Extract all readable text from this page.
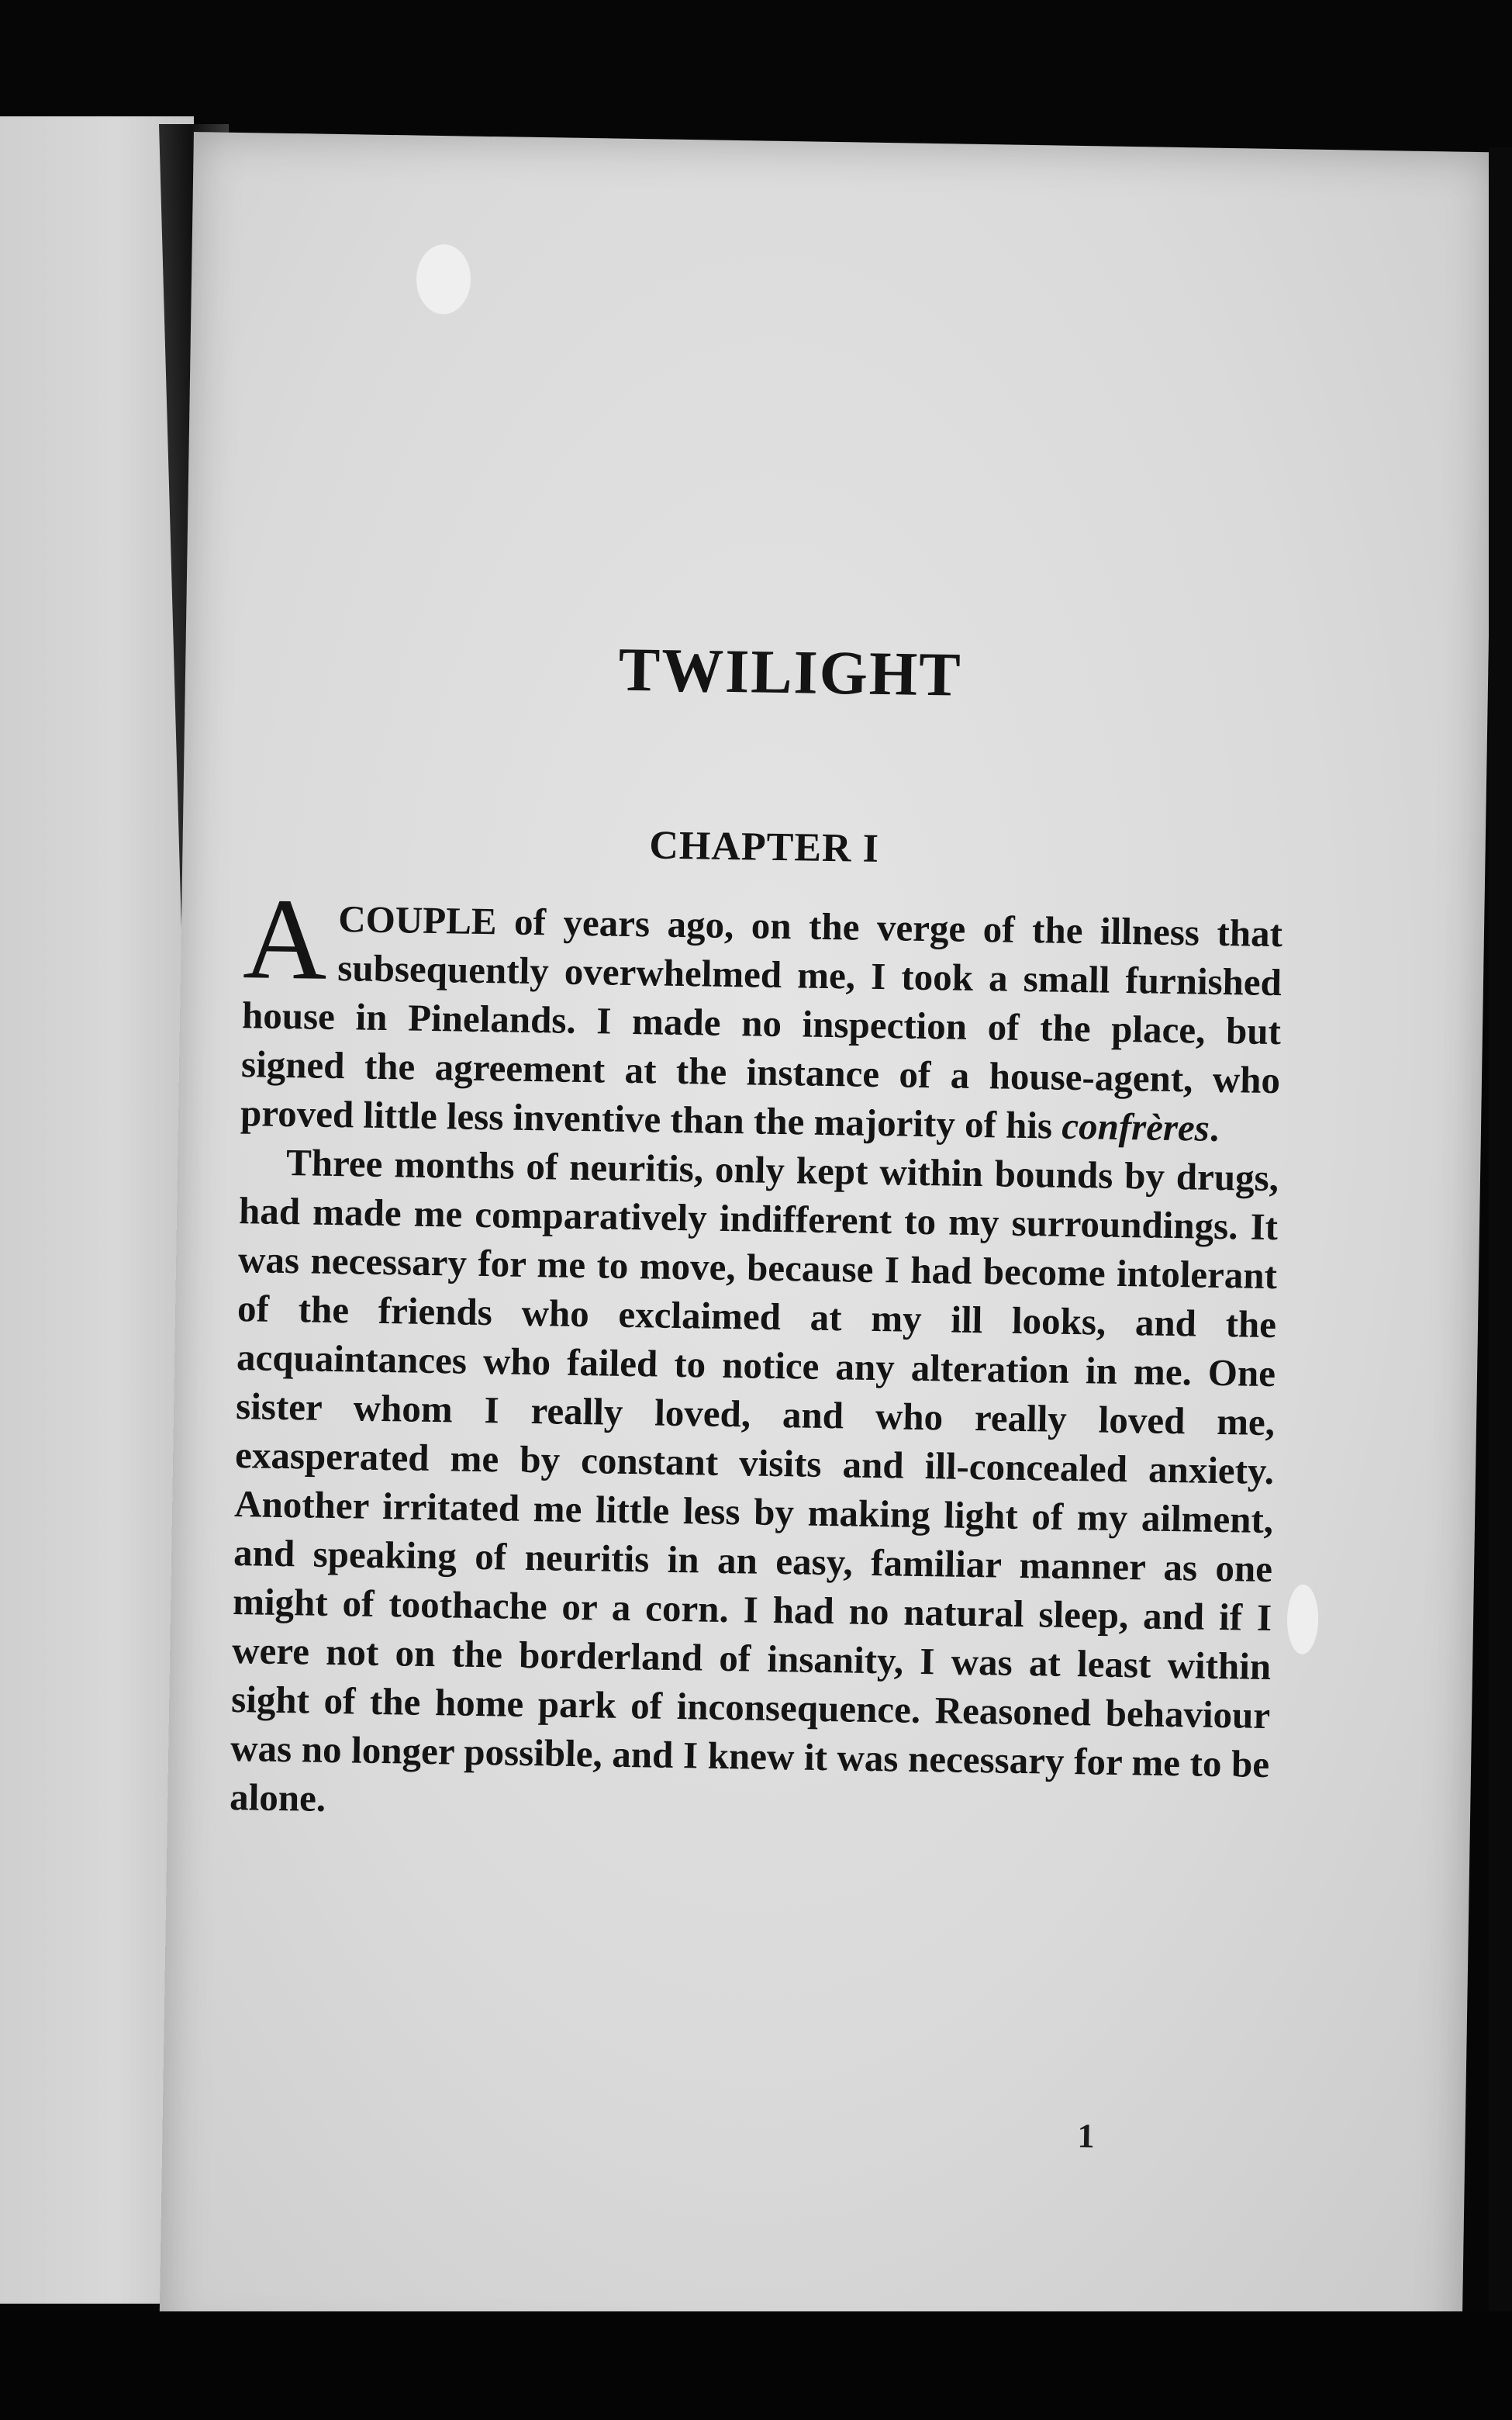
TWILIGHT
CHAPTER I

A COUPLE of years ago, on the verge of the illness that subsequently overwhelmed me, I took a small furnished house in Pinelands. I made no inspection of the place, but signed the agreement at the instance of a house-agent, who proved little less inventive than the majority of his confrères.

Three months of neuritis, only kept within bounds by drugs, had made me comparatively indifferent to my surroundings. It was necessary for me to move, because I had become intolerant of the friends who exclaimed at my ill looks, and the acquaintances who failed to notice any alteration in me. One sister whom I really loved, and who really loved me, exasperated me by constant visits and ill-concealed anxiety. Another irritated me little less by making light of my ailment, and speaking of neuritis in an easy, familiar manner as one might of toothache or a corn. I had no natural sleep, and if I were not on the borderland of insanity, I was at least within sight of the home park of inconsequence. Reasoned behaviour was no longer possible, and I knew it was necessary for me to be alone.

1
